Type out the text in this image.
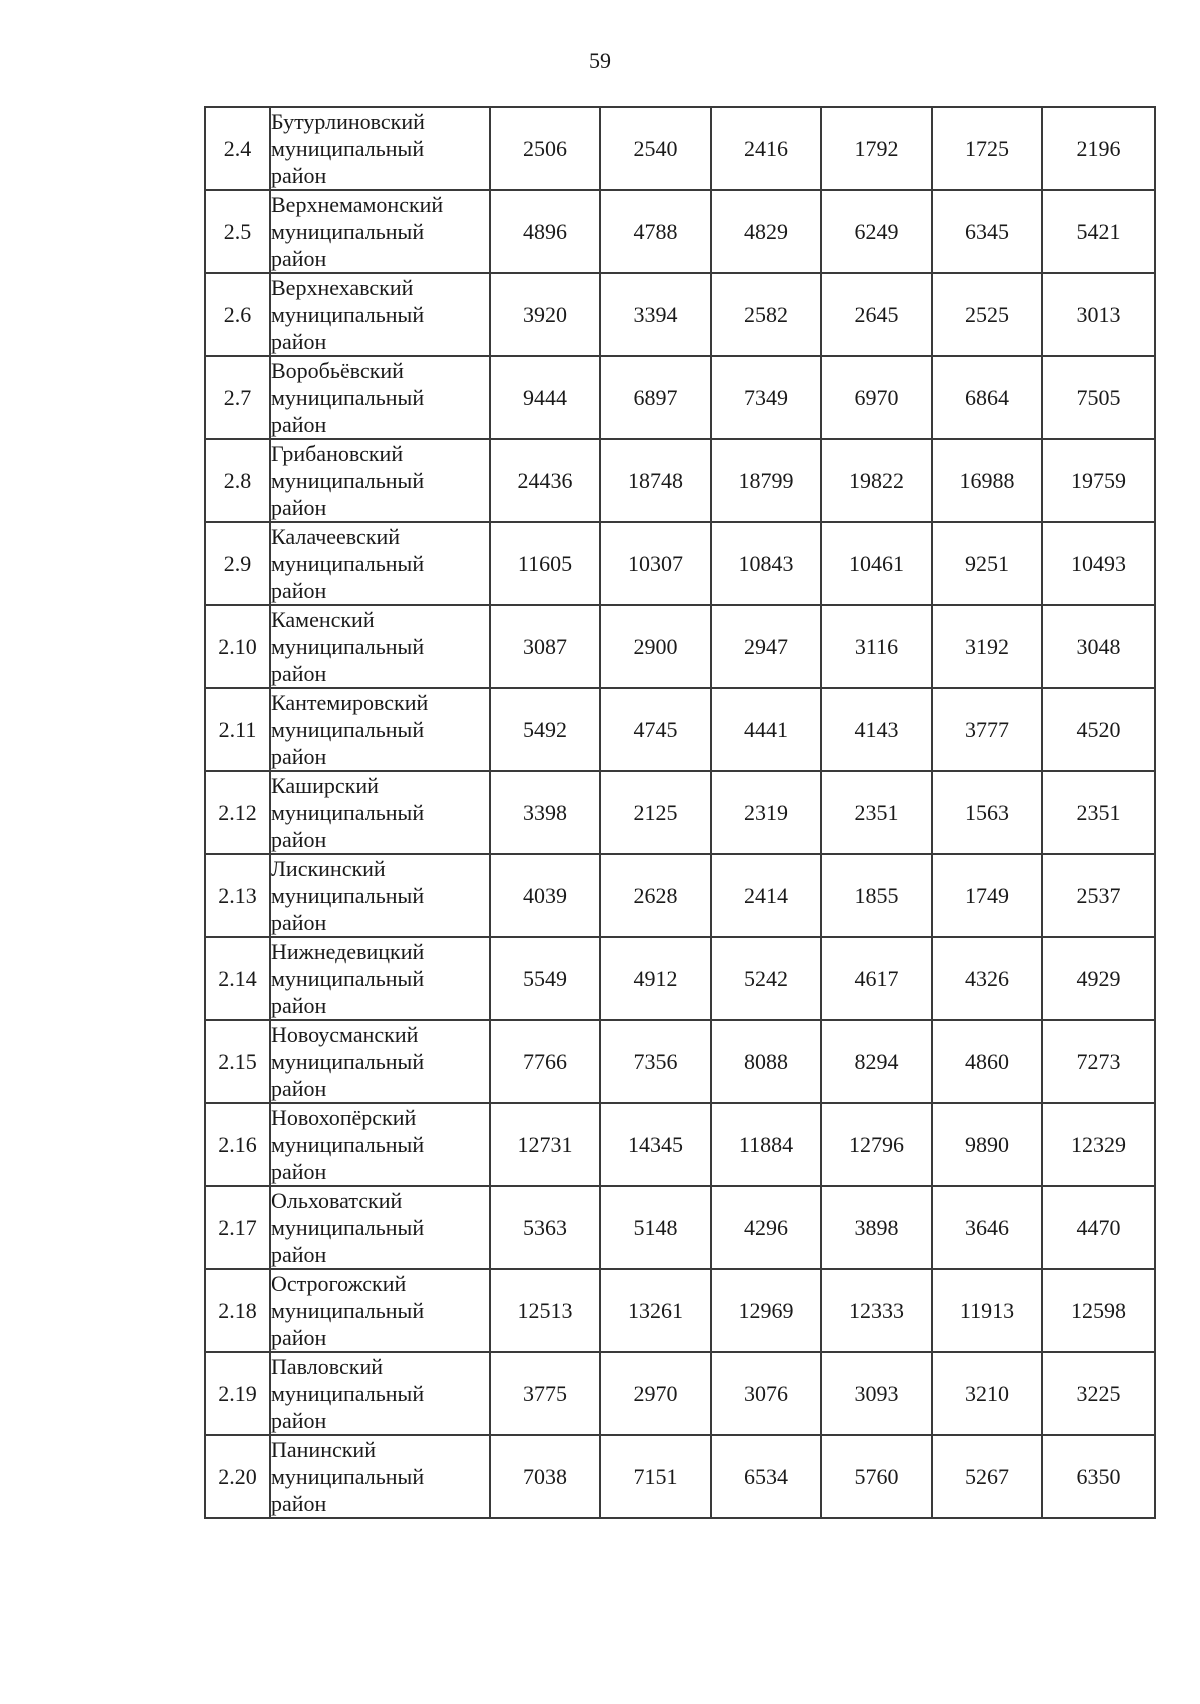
59
2.4	Бутурлиновский
муниципальный
район	2506	2540	2416	1792	1725	2196
2.5	Верхнемамонский
муниципальный
район	4896	4788	4829	6249	6345	5421
2.6	Верхнехавский
муниципальный
район	3920	3394	2582	2645	2525	3013
2.7	Воробьёвский
муниципальный
район	9444	6897	7349	6970	6864	7505
2.8	Грибановский
муниципальный
район	24436	18748	18799	19822	16988	19759
2.9	Калачеевский
муниципальный
район	11605	10307	10843	10461	9251	10493
2.10	Каменский
муниципальный
район	3087	2900	2947	3116	3192	3048
2.11	Кантемировский
муниципальный
район	5492	4745	4441	4143	3777	4520
2.12	Каширский
муниципальный
район	3398	2125	2319	2351	1563	2351
2.13	Лискинский
муниципальный
район	4039	2628	2414	1855	1749	2537
2.14	Нижнедевицкий
муниципальный
район	5549	4912	5242	4617	4326	4929
2.15	Новоусманский
муниципальный
район	7766	7356	8088	8294	4860	7273
2.16	Новохопёрский
муниципальный
район	12731	14345	11884	12796	9890	12329
2.17	Ольховатский
муниципальный
район	5363	5148	4296	3898	3646	4470
2.18	Острогожский
муниципальный
район	12513	13261	12969	12333	11913	12598
2.19	Павловский
муниципальный
район	3775	2970	3076	3093	3210	3225
2.20	Панинский
муниципальный
район	7038	7151	6534	5760	5267	6350
